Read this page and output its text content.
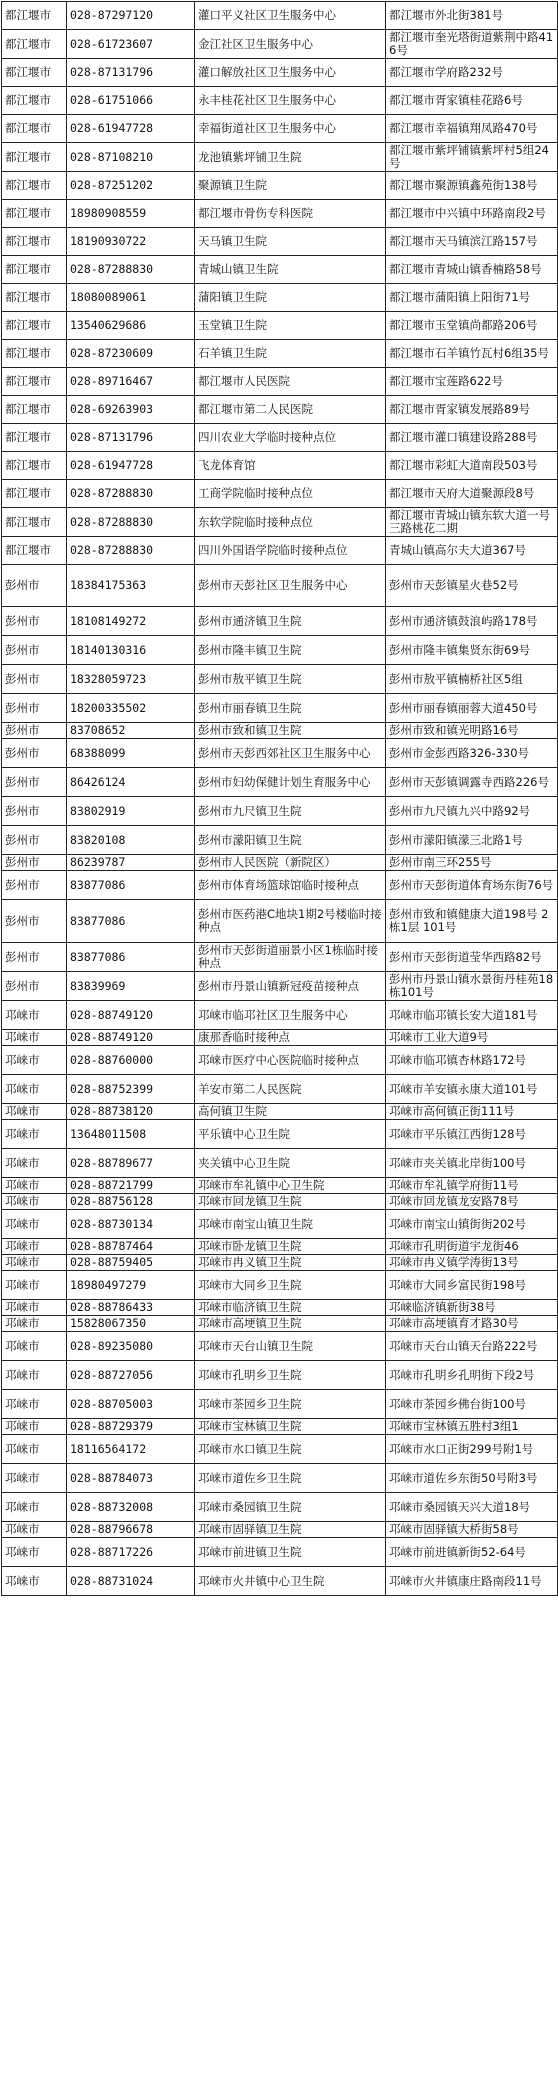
都江堰市	028-87297120	灌口平义社区卫生服务中心	都江堰市外北街381号
都江堰市	028-61723607	金江社区卫生服务中心	都江堰市奎光塔街道紫荆中路416号
都江堰市	028-87131796	灌口解放社区卫生服务中心	都江堰市学府路232号
都江堰市	028-61751066	永丰桂花社区卫生服务中心	都江堰市胥家镇桂花路6号
都江堰市	028-61947728	幸福街道社区卫生服务中心	都江堰市幸福镇翔凤路470号
都江堰市	028-87108210	龙池镇紫坪铺卫生院	都江堰市紫坪铺镇紫坪村5组24号
都江堰市	028-87251202	聚源镇卫生院	都江堰市聚源镇鑫苑街138号
都江堰市	18980908559	都江堰市骨伤专科医院	都江堰市中兴镇中环路南段2号
都江堰市	18190930722	天马镇卫生院	都江堰市天马镇滨江路157号
都江堰市	028-87288830	青城山镇卫生院	都江堰市青城山镇香楠路58号
都江堰市	18080089061	蒲阳镇卫生院	都江堰市蒲阳镇上阳街71号
都江堰市	13540629686	玉堂镇卫生院	都江堰市玉堂镇尚都路206号
都江堰市	028-87230609	石羊镇卫生院	都江堰市石羊镇竹瓦村6组35号
都江堰市	028-89716467	都江堰市人民医院	都江堰市宝莲路622号
都江堰市	028-69263903	都江堰市第二人民医院	都江堰市胥家镇发展路89号
都江堰市	028-87131796	四川农业大学临时接种点位	都江堰市灌口镇建设路288号
都江堰市	028-61947728	飞龙体育馆	都江堰市彩虹大道南段503号
都江堰市	028-87288830	工商学院临时接种点位	都江堰市天府大道聚源段8号
都江堰市	028-87288830	东软学院临时接种点位	都江堰市青城山镇东软大道一号三路桃花二期
都江堰市	028-87288830	四川外国语学院临时接种点位	青城山镇高尔夫大道367号
彭州市	18384175363	彭州市天彭社区卫生服务中心	彭州市天彭镇星火巷52号
彭州市	18108149272	彭州市通济镇卫生院	彭州市通济镇鼓浪屿路178号
彭州市	18140130316	彭州市隆丰镇卫生院	彭州市隆丰镇集贤东街69号
彭州市	18328059723	彭州市敖平镇卫生院	彭州市敖平镇楠桥社区5组
彭州市	18200335502	彭州市丽春镇卫生院	彭州市丽春镇丽蓉大道450号
彭州市	83708652	彭州市致和镇卫生院	彭州市致和镇光明路16号
彭州市	68388099	彭州市天彭西郊社区卫生服务中心	彭州市金彭西路326-330号
彭州市	86426124	彭州市妇幼保健计划生育服务中心	彭州市天彭镇调露寺西路226号
彭州市	83802919	彭州市九尺镇卫生院	彭州市九尺镇九兴中路92号
彭州市	83820108	彭州市濛阳镇卫生院	彭州市濛阳镇濛三北路1号
彭州市	86239787	彭州市人民医院（新院区）	彭州市南三环255号
彭州市	83877086	彭州市体育场篮球馆临时接种点	彭州市天彭街道体育场东街76号
彭州市	83877086	彭州市医药港C地块1期2号楼临时接种点	彭州市致和镇健康大道198号 2 栋1层 101号
彭州市	83877086	彭州市天彭街道丽景小区1栋临时接种点	彭州市天彭街道莹华西路82号
彭州市	83839969	彭州市丹景山镇新冠疫苗接种点	彭州市丹景山镇水景街丹桂苑18栋101号
邛崃市	028-88749120	邛崃市临邛社区卫生服务中心	邛崃市临邛镇长安大道181号
邛崃市	028-88749120	康那香临时接种点	邛崃市工业大道9号
邛崃市	028-88760000	邛崃市医疗中心医院临时接种点	邛崃市临邛镇杏林路172号
邛崃市	028-88752399	羊安市第二人民医院	邛崃市羊安镇永康大道101号
邛崃市	028-88738120	高何镇卫生院	邛崃市高何镇正街111号
邛崃市	13648011508	平乐镇中心卫生院	邛崃市平乐镇江西街128号
邛崃市	028-88789677	夹关镇中心卫生院	邛崃市夹关镇北岸街100号
邛崃市	028-88721799	邛崃市牟礼镇中心卫生院	邛崃市牟礼镇学府街11号
邛崃市	028-88756128	邛崃市回龙镇卫生院	邛崃市回龙镇龙安路78号
邛崃市	028-88730134	邛崃市南宝山镇卫生院	邛崃市南宝山镇街街202号
邛崃市	028-88787464	邛崃市卧龙镇卫生院	邛崃市孔明街道宇龙街46
邛崃市	028-88759405	邛崃市冉义镇卫生院	邛崃市冉义镇学涛街13号
邛崃市	18980497279	邛崃市大同乡卫生院	邛崃市大同乡富民街198号
邛崃市	028-88786433	邛崃市临济镇卫生院	邛崃临济镇新街38号
邛崃市	15828067350	邛崃市高埂镇卫生院	邛崃市高埂镇育才路30号
邛崃市	028-89235080	邛崃市天台山镇卫生院	邛崃市天台山镇天台路222号
邛崃市	028-88727056	邛崃市孔明乡卫生院	邛崃市孔明乡孔明街下段2号
邛崃市	028-88705003	邛崃市茶园乡卫生院	邛崃市茶园乡佛台街100号
邛崃市	028-88729379	邛崃市宝林镇卫生院	邛崃市宝林镇五胜村3组1
邛崃市	18116564172	邛崃市水口镇卫生院	邛崃市水口正街299号附1号
邛崃市	028-88784073	邛崃市道佐乡卫生院	邛崃市道佐乡东街50号附3号
邛崃市	028-88732008	邛崃市桑园镇卫生院	邛崃市桑园镇天兴大道18号
邛崃市	028-88796678	邛崃市固驿镇卫生院	邛崃市固驿镇大桥街58号
邛崃市	028-88717226	邛崃市前进镇卫生院	邛崃市前进镇新街52-64号
邛崃市	028-88731024	邛崃市火井镇中心卫生院	邛崃市火井镇康庄路南段11号
